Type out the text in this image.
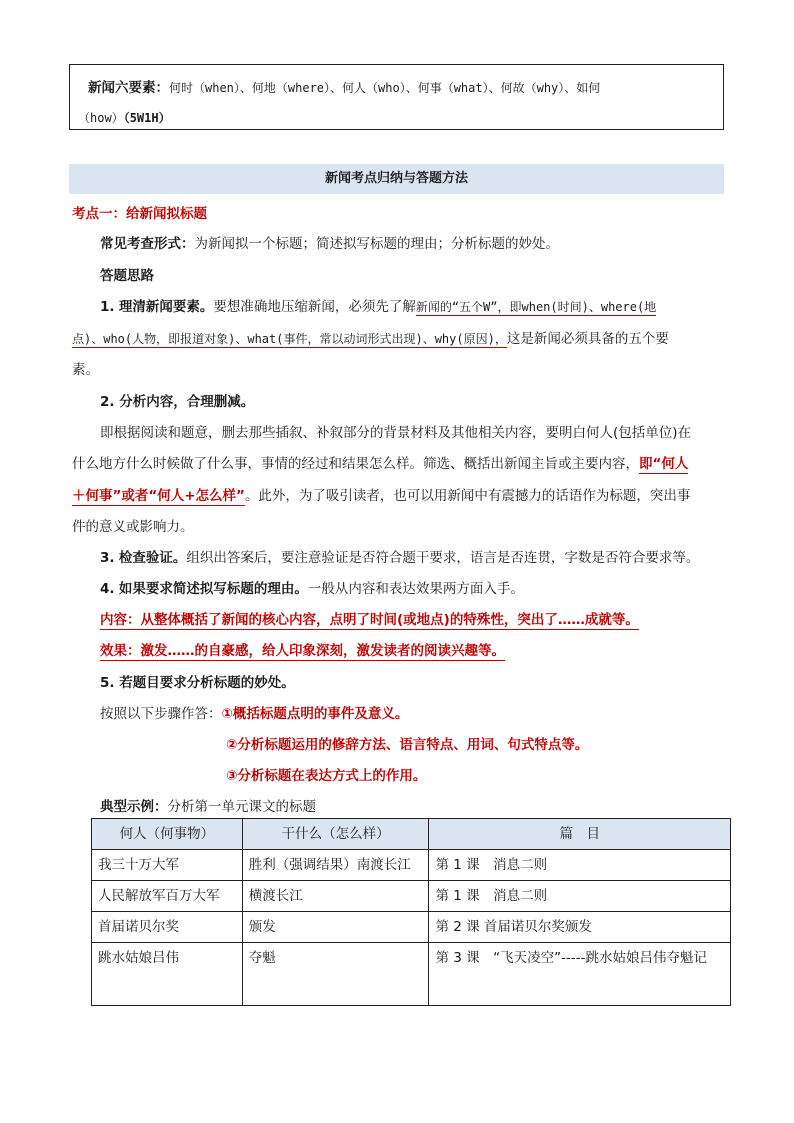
新闻六要素：何时（when）、何地（where）、何人（who）、何事（what）、何故（why）、如何
（how）（5W1H）
新闻考点归纳与答题方法
考点一：给新闻拟标题
常见考查形式：为新闻拟一个标题；简述拟写标题的理由；分析标题的妙处。
答题思路
1. 理清新闻要素。要想准确地压缩新闻，必须先了解新闻的“五个W”，即when(时间)、where(地
点)、who(人物，即报道对象)、what(事件，常以动词形式出现)、why(原因)，这是新闻必须具备的五个要
素。
2. 分析内容，合理删减。
即根据阅读和题意，删去那些插叙、补叙部分的背景材料及其他相关内容，要明白何人(包括单位)在
什么地方什么时候做了什么事，事情的经过和结果怎么样。筛选、概括出新闻主旨或主要内容，即“何人
＋何事”或者“何人+怎么样”。此外，为了吸引读者，也可以用新闻中有震撼力的话语作为标题，突出事
件的意义或影响力。
3. 检查验证。组织出答案后，要注意验证是否符合题干要求，语言是否连贯，字数是否符合要求等。
4. 如果要求简述拟写标题的理由。一般从内容和表达效果两方面入手。
内容：从整体概括了新闻的核心内容，点明了时间(或地点)的特殊性，突出了……成就等。
效果：激发……的自豪感，给人印象深刻，激发读者的阅读兴趣等。
5. 若题目要求分析标题的妙处。
按照以下步骤作答：①概括标题点明的事件及意义。
②分析标题运用的修辞方法、语言特点、用词、句式特点等。
③分析标题在表达方式上的作用。
典型示例：分析第一单元课文的标题
何人（何事物）	干什么（怎么样）	篇　目
我三十万大军	胜利（强调结果）南渡长江	第 1 课　消息二则
人民解放军百万大军	横渡长江	第 1 课　消息二则
首届诺贝尔奖	颁发	第 2 课 首届诺贝尔奖颁发
跳水姑娘吕伟	夺魁	第 3 课　“飞天凌空”-----跳水姑娘吕伟夺魁记
